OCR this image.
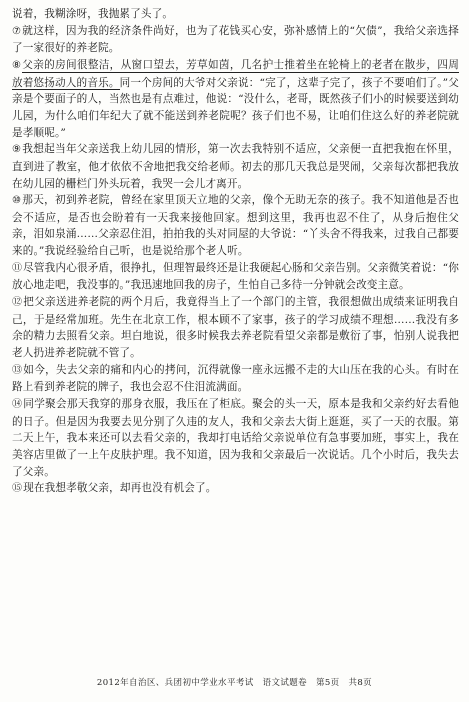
说着，我糊涂呀，我抛累了头了。

⑦就这样，因为我的经济条件尚好，也为了花钱买心安，弥补感情上的“欠债”，我给父亲选择了一家很好的养老院。

⑧父亲的房间很整洁，从窗口望去，芳草如茵，几名护士推着坐在轮椅上的老者在散步，四周放着悠扬动人的音乐。同一个房间的大爷对父亲说：“完了，这辈子完了，孩子不要咱们了。”父亲是个要面子的人，当然也是有点难过，他说：“没什么，老哥，既然孩子们小的时候要送到幼儿园，为什么咱们年纪大了就不能送到养老院呢？孩子们也不易，让咱们住这么好的养老院就是孝顺呢。”

⑨我想起当年父亲送我上幼儿园的情形，第一次去我特别不适应，父亲便一直把我抱在怀里，直到进了教室，他才依依不舍地把我交给老师。初去的那几天我总是哭闹，父亲每次都把我放在幼儿园的栅栏门外头玩着，我哭一会儿才离开。

⑩那天，初到养老院，曾经在家里顶天立地的父亲，像个无助无奈的孩子。我不知道他是否也会不适应，是否也会盼着有一天我来接他回家。想到这里，我再也忍不住了，从身后抱住父亲，泪如泉涌……父亲忍住泪，拍拍我的头对同屋的大爷说：“丫头舍不得我来，过我自己都要来的。”我说经验给自己听，也是说给那个老人听。

⑪尽管我内心很矛盾，很挣扎，但理智最终还是让我硬起心肠和父亲告别。父亲微笑着说：“你放心地走吧，我没事的。”我迅速地回我的房子，生怕自己多待一分钟就会改变主意。

⑫把父亲送进养老院的两个月后，我竟得当上了一个部门的主管，我很想做出成绩来证明我自己，于是经常加班。先生在北京工作，根本顾不了家事，孩子的学习成绩不理想……我没有多余的精力去照看父亲。坦白地说，很多时候我去养老院看望父亲都是敷衍了事，怕别人说我把老人扔进养老院就不管了。

⑬如今，失去父亲的痛和内心的拷问，沉得就像一座永远搬不走的大山压在我的心头。有时在路上看到养老院的牌子，我也会忍不住泪流满面。

⑭同学聚会那天我穿的那身衣服，我压在了柜底。聚会的头一天，原本是我和父亲约好去看他的日子。但是因为我要去见分别了久违的友人，我和父亲去大街上逛逛，买了一天的衣服。第二天上午，我本来还可以去看父亲的，我却打电话给父亲说单位有急事要加班，事实上，我在美容店里做了一上午皮肤护理。我不知道，因为我和父亲最后一次说话。几个小时后，我失去了父亲。

⑮现在我想孝敬父亲，却再也没有机会了。

2012年自治区、兵团初中学业水平考试　语文试题卷　第5页　共8页
